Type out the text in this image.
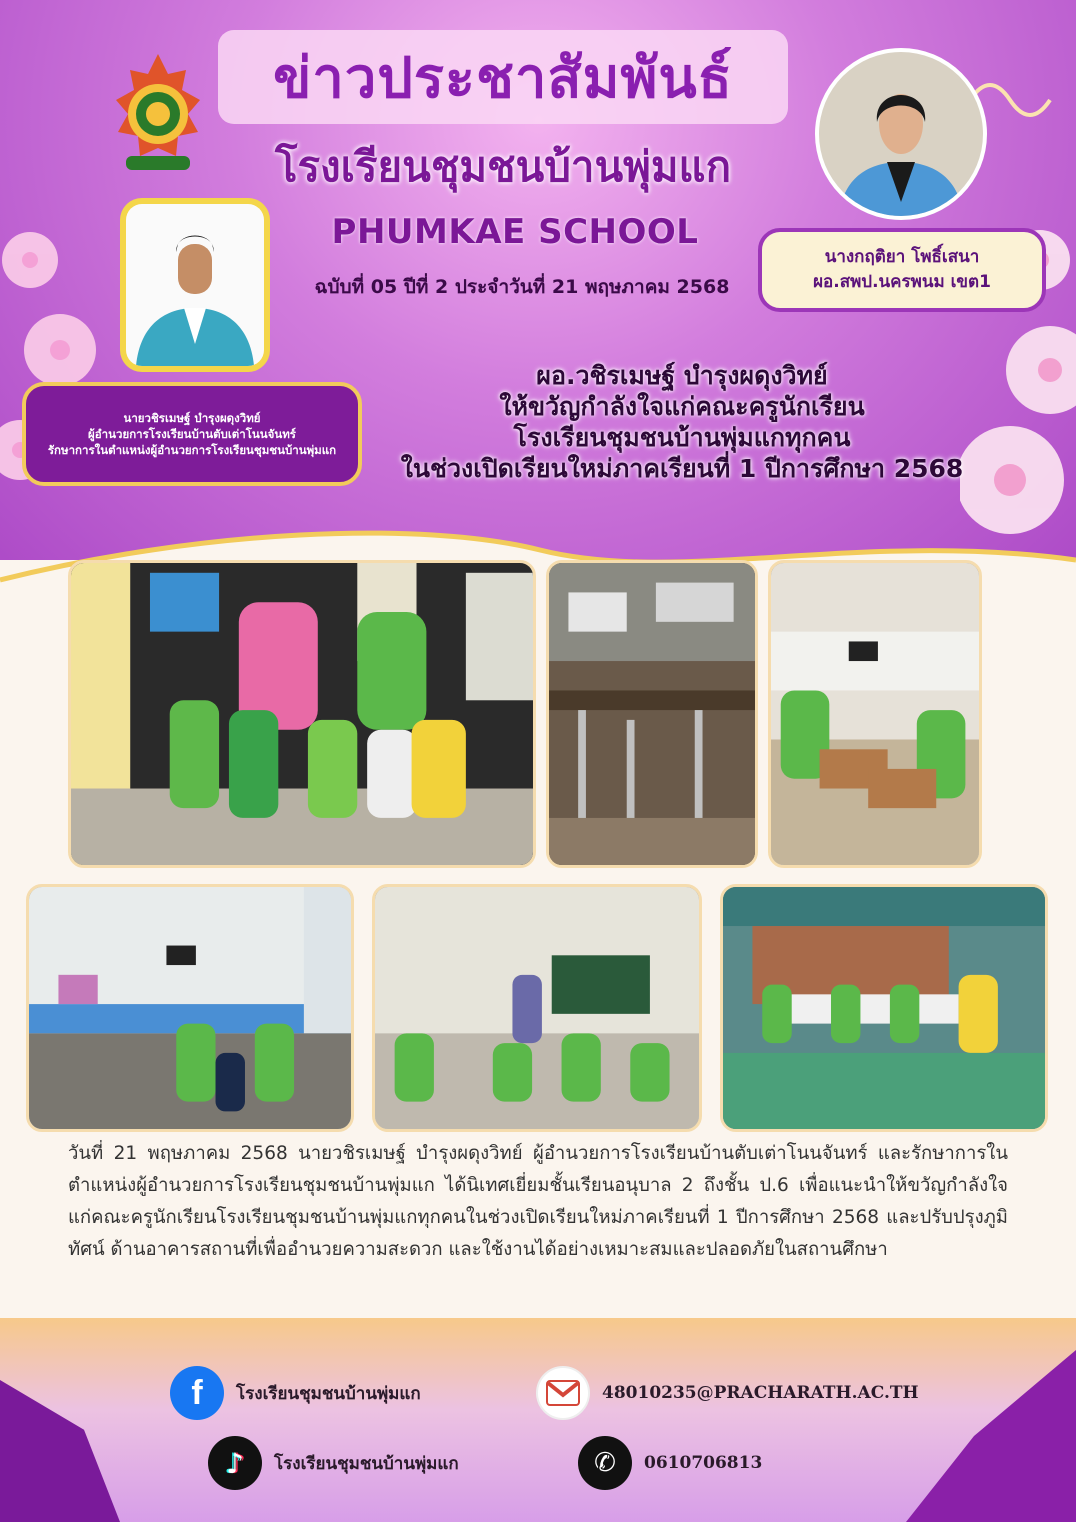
ข่าวประชาสัมพันธ์
โรงเรียนชุมชนบ้านพุ่มแก
PHUMKAE SCHOOL
ฉบับที่ 05 ปีที่ 2 ประจำวันที่ 21 พฤษภาคม 2568
นายวชิรเมษฐ์ บำรุงผดุงวิทย์
ผู้อำนวยการโรงเรียนบ้านตับเต่าโนนจันทร์
รักษาการในตำแหน่งผู้อำนวยการโรงเรียนชุมชนบ้านพุ่มแก
นางกฤติยา โพธิ์เสนา
ผอ.สพป.นครพนม เขต1
ผอ.วชิรเมษฐ์ บำรุงผดุงวิทย์
ให้ขวัญกำลังใจแก่คณะครูนักเรียน
โรงเรียนชุมชนบ้านพุ่มแกทุกคน
ในช่วงเปิดเรียนใหม่ภาคเรียนที่ 1 ปีการศึกษา 2568

วันที่ 21 พฤษภาคม 2568 นายวชิรเมษฐ์ บำรุงผดุงวิทย์ ผู้อำนวยการโรงเรียนบ้านตับเต่าโนนจันทร์ และรักษาการในตำแหน่งผู้อำนวยการโรงเรียนชุมชนบ้านพุ่มแก ได้นิเทศเยี่ยมชั้นเรียนอนุบาล 2 ถึงชั้น ป.6 เพื่อแนะนำให้ขวัญกำลังใจแก่คณะครูนักเรียนโรงเรียนชุมชนบ้านพุ่มแกทุกคนในช่วงเปิดเรียนใหม่ภาคเรียนที่ 1 ปีการศึกษา 2568 และปรับปรุงภูมิทัศน์ ด้านอาคารสถานที่เพื่ออำนวยความสะดวก และใช้งานได้อย่างเหมาะสมและปลอดภัยในสถานศึกษา

f โรงเรียนชุมชนบ้านพุ่มแก	48010235@PRACHARATH.AC.TH
♪ โรงเรียนชุมชนบ้านพุ่มแก	✆ 0610706813
